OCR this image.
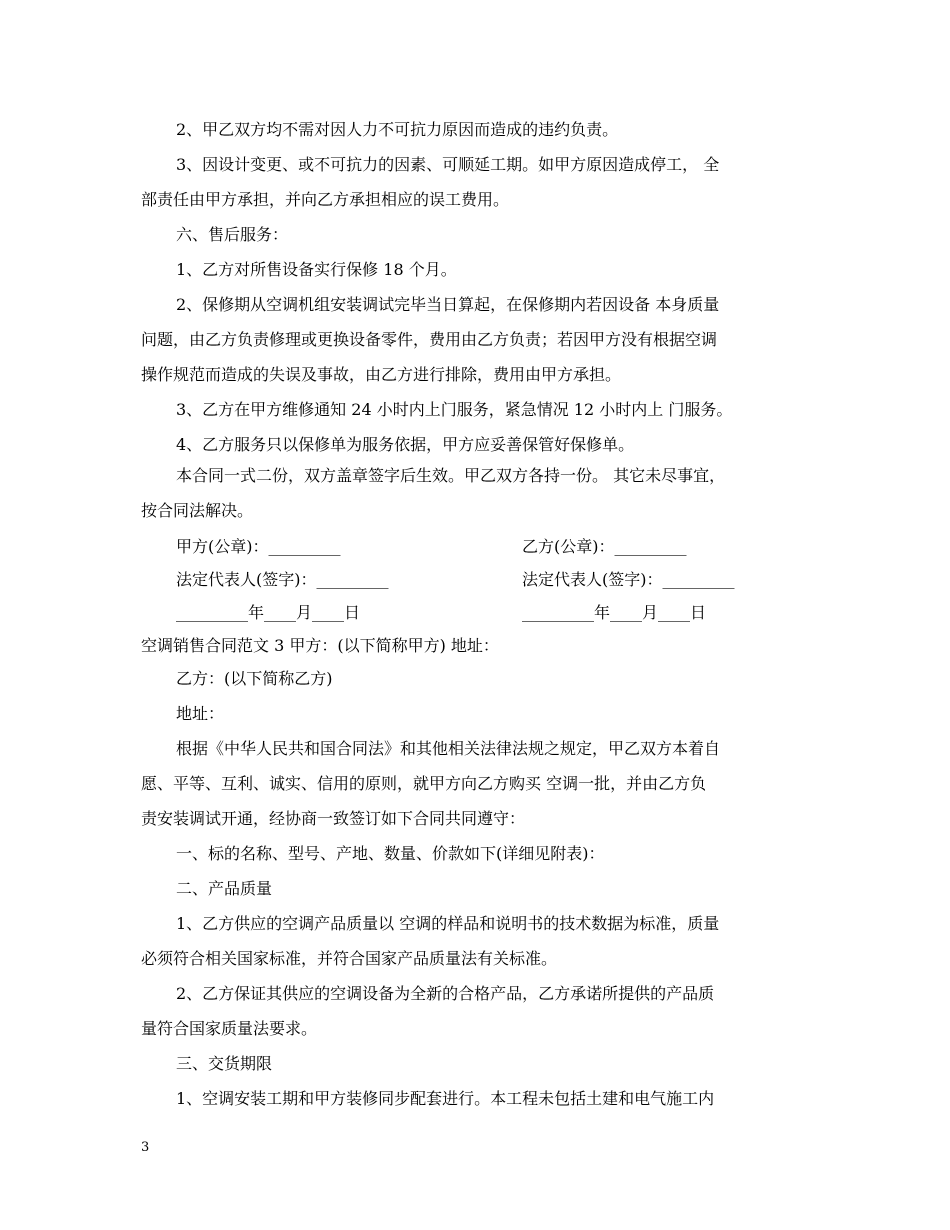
2、甲乙双方均不需对因人力不可抗力原因而造成的违约负责。
3、因设计变更、或不可抗力的因素、可顺延工期。如甲方原因造成停工， 全
部责任由甲方承担，并向乙方承担相应的误工费用。
六、售后服务：
1、乙方对所售设备实行保修 18 个月。
2、保修期从空调机组安装调试完毕当日算起，在保修期内若因设备 本身质量
问题，由乙方负责修理或更换设备零件，费用由乙方负责；若因甲方没有根据空调
操作规范而造成的失误及事故，由乙方进行排除，费用由甲方承担。
3、乙方在甲方维修通知 24 小时内上门服务，紧急情况 12 小时内上 门服务。
4、乙方服务只以保修单为服务依据，甲方应妥善保管好保修单。
本合同一式二份，双方盖章签字后生效。甲乙双方各持一份。 其它未尽事宜，
按合同法解决。
甲方(公章)：_________	乙方(公章)：_________
法定代表人(签字)：_________	法定代表人(签字)：_________
_________年____月____日	_________年____月____日
空调销售合同范文 3 甲方：(以下简称甲方) 地址：
乙方：(以下简称乙方)
地址：
根据《中华人民共和国合同法》和其他相关法律法规之规定，甲乙双方本着自
愿、平等、互利、诚实、信用的原则，就甲方向乙方购买 空调一批，并由乙方负
责安装调试开通，经协商一致签订如下合同共同遵守：
一、标的名称、型号、产地、数量、价款如下(详细见附表)：
二、产品质量
1、乙方供应的空调产品质量以 空调的样品和说明书的技术数据为标准，质量
必须符合相关国家标准，并符合国家产品质量法有关标准。
2、乙方保证其供应的空调设备为全新的合格产品，乙方承诺所提供的产品质
量符合国家质量法要求。
三、交货期限
1、空调安装工期和甲方装修同步配套进行。本工程未包括土建和电气施工内
3
